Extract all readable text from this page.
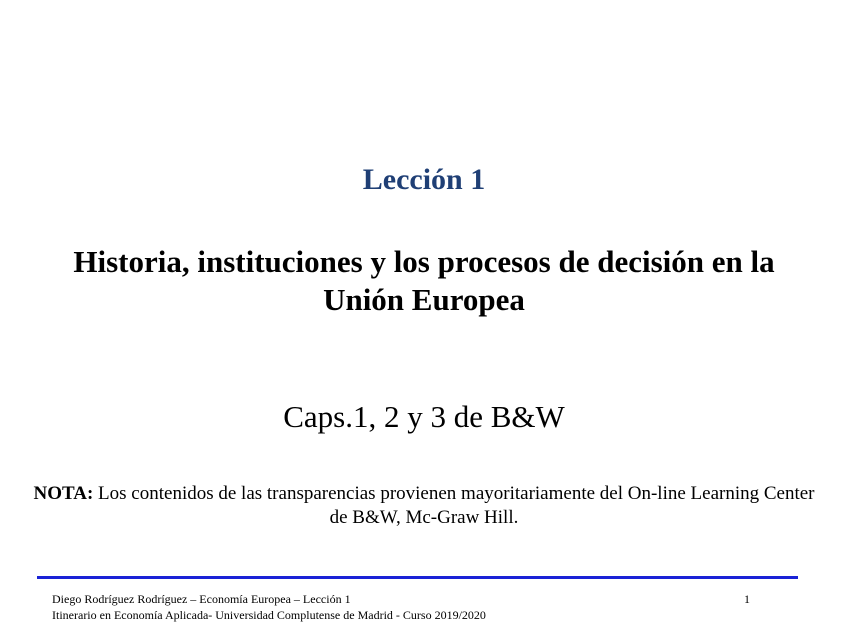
Lección 1
Historia, instituciones y los procesos de decisión en la Unión Europea
Caps.1, 2 y 3 de B&W
NOTA: Los contenidos de las transparencias provienen mayoritariamente del On-line Learning Center de B&W, Mc-Graw Hill.
Diego Rodríguez Rodríguez – Economía Europea – Lección 1
Itinerario en Economía Aplicada- Universidad Complutense de Madrid - Curso 2019/2020
1
